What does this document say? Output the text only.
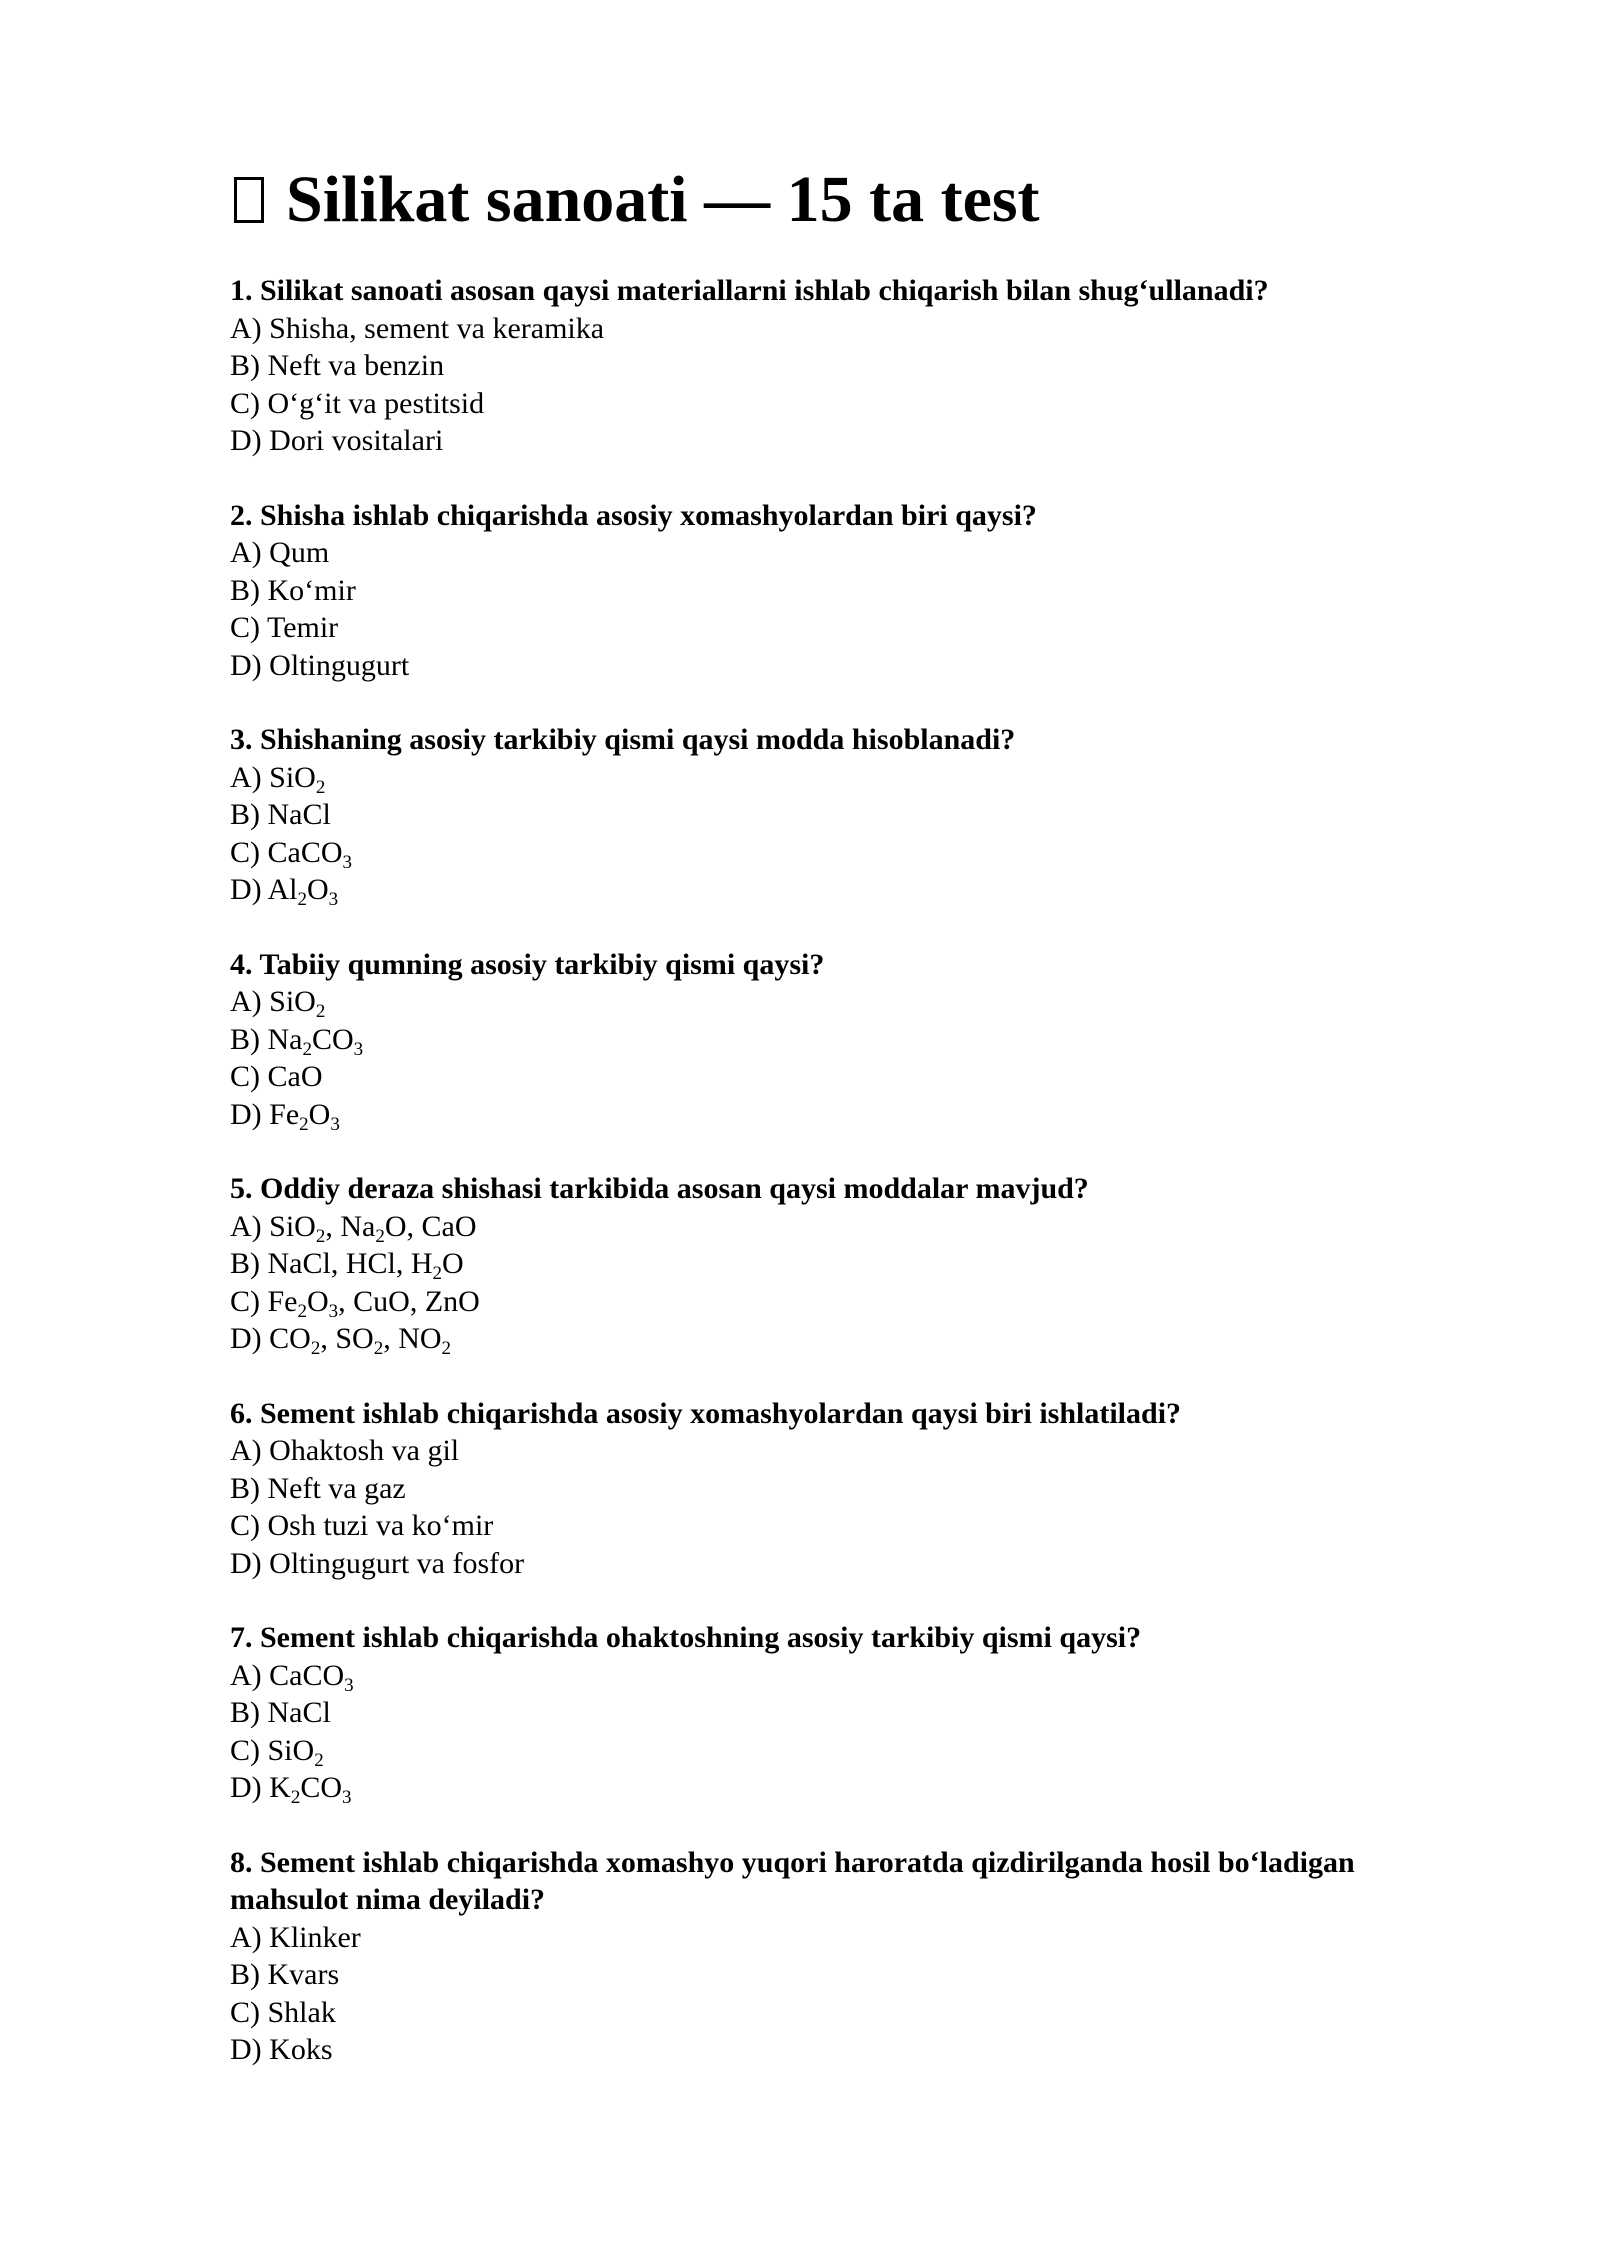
Silikat sanoati — 15 ta test
1. Silikat sanoati asosan qaysi materiallarni ishlab chiqarish bilan shug‘ullanadi?
A) Shisha, sement va keramika
B) Neft va benzin
C) O‘g‘it va pestitsid
D) Dori vositalari
2. Shisha ishlab chiqarishda asosiy xomashyolardan biri qaysi?
A) Qum
B) Ko‘mir
C) Temir
D) Oltingugurt
3. Shishaning asosiy tarkibiy qismi qaysi modda hisoblanadi?
A) SiO$_2$
B) NaCl
C) CaCO$_3$
D) $Al_2O_3$
4. Tabiiy qumning asosiy tarkibiy qismi qaysi?
A) SiO$_2$
B) $Na_2CO_3$
C) CaO
D) $Fe_2O_3$
5. Oddiy deraza shishasi tarkibida asosan qaysi moddalar mavjud?
A) SiO$_2$, $Na_2O$, CaO
B) NaCl, HCl, $H_2O$
C) $Fe_2O_3$, CuO, ZnO
D) $CO_2$, $SO_2$, $NO_2$
6. Sement ishlab chiqarishda asosiy xomashyolardan qaysi biri ishlatiladi?
A) Ohaktosh va gil
B) Neft va gaz
C) Osh tuzi va ko‘mir
D) Oltingugurt va fosfor
7. Sement ishlab chiqarishda ohaktoshning asosiy tarkibiy qismi qaysi?
A) CaCO$_3$
B) NaCl
C) SiO$_2$
D) $K_2CO_3$
8. Sement ishlab chiqarishda xomashyo yuqori haroratda qizdirilganda hosil bo‘ladigan mahsulot nima deyiladi?
A) Klinker
B) Kvars
C) Shlak
D) Koks
